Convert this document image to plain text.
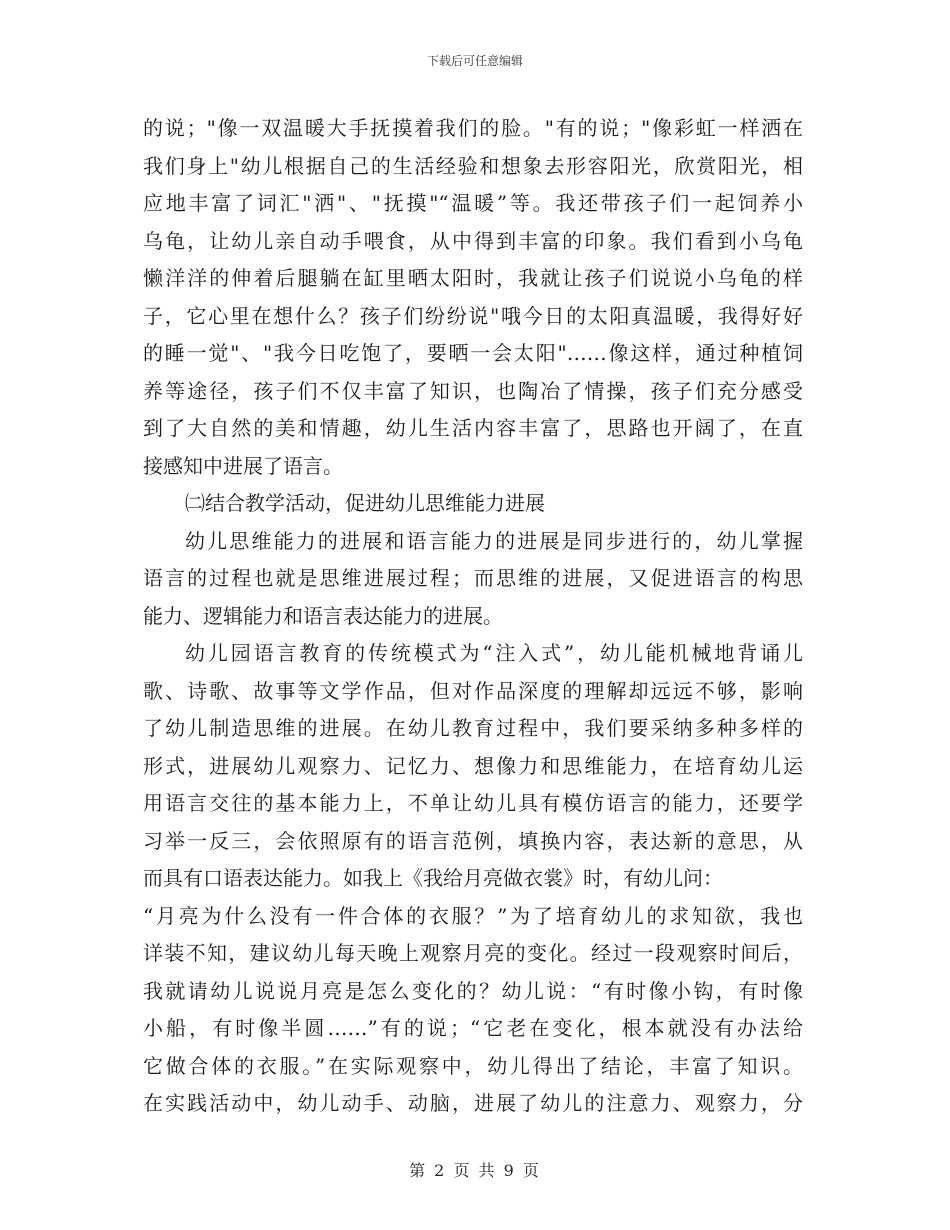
下载后可任意编辑
的说；"像一双温暖大手抚摸着我们的脸。"有的说；"像彩虹一样洒在
我们身上"幼儿根据自己的生活经验和想象去形容阳光，欣赏阳光，相
应地丰富了词汇"洒"、"抚摸"“温暖”等。我还带孩子们一起饲养小
乌龟，让幼儿亲自动手喂食，从中得到丰富的印象。我们看到小乌龟
懒洋洋的伸着后腿躺在缸里晒太阳时，我就让孩子们说说小乌龟的样
子，它心里在想什么？孩子们纷纷说"哦今日的太阳真温暖，我得好好
的睡一觉"、"我今日吃饱了，要晒一会太阳"……像这样，通过种植饲
养等途径，孩子们不仅丰富了知识，也陶冶了情操，孩子们充分感受
到了大自然的美和情趣，幼儿生活内容丰富了，思路也开阔了，在直
接感知中进展了语言。
㈡结合教学活动，促进幼儿思维能力进展
幼儿思维能力的进展和语言能力的进展是同步进行的，幼儿掌握
语言的过程也就是思维进展过程；而思维的进展，又促进语言的构思
能力、逻辑能力和语言表达能力的进展。
幼儿园语言教育的传统模式为“注入式”，幼儿能机械地背诵儿
歌、诗歌、故事等文学作品，但对作品深度的理解却远远不够，影响
了幼儿制造思维的进展。在幼儿教育过程中，我们要采纳多种多样的
形式，进展幼儿观察力、记忆力、想像力和思维能力，在培育幼儿运
用语言交往的基本能力上，不单让幼儿具有模仿语言的能力，还要学
习举一反三，会依照原有的语言范例，填换内容，表达新的意思，从
而具有口语表达能力。如我上《我给月亮做衣裳》时，有幼儿问：
“月亮为什么没有一件合体的衣服？”为了培育幼儿的求知欲，我也
详装不知，建议幼儿每天晚上观察月亮的变化。经过一段观察时间后，
我就请幼儿说说月亮是怎么变化的？幼儿说：“有时像小钩，有时像
小船，有时像半圆……”有的说；“它老在变化，根本就没有办法给
它做合体的衣服。”在实际观察中，幼儿得出了结论，丰富了知识。
在实践活动中，幼儿动手、动脑，进展了幼儿的注意力、观察力，分
第 2 页 共 9 页
